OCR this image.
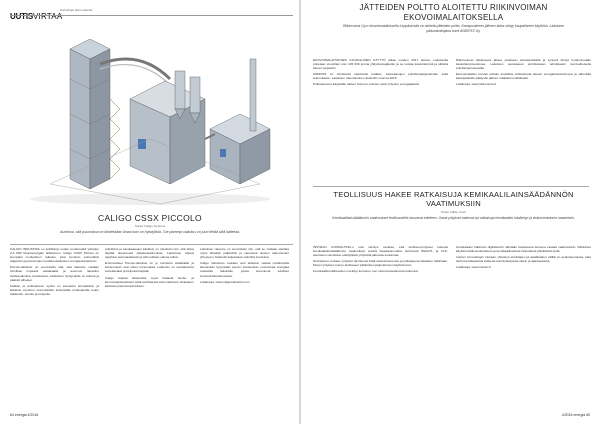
UUTISVIRTAA
Poimintoja alan uutisista
CALIGO CSSX PICCOLO
Teksti: Caligo Systems
Aurinkoa, sitä puumokoa on lahdeksitan ilmaa kuin on hyödyllisiä. Tue parempi vaikutus on juuri tietää siitä laitteista.

CALIGO INDUSTRIA on kehittänyt uuden puuttomaliti ylimpien 2-6 MW lämpöenergian laitteistoon. Caligo CSSX Piccolo on kompakti moduulinen ratkaisu, joka soveltuu esimerkiksi taajamien ja pienempien teollisuuslaitosten energiantuotantoon.

Piccolo-laitteisto on suunniteltu sitä, että laitteisto voidaan toimittaa nopeasti asiakkaalle ja asennus tapahtuu tehdasvalmiina moduuleina. Laitteiston hyötysuhde on korkea ja päästöt alhaiset.

Kattilan ja polttoaineen syöttö on toteutettu kompaktisti, ja laitteisto soveltuu monenlaisille kotimaisille polttoaineille kuten hakkeelle, purulle ja turpeelle.

puhdistus ja savukaasujen käsittely on mitoitettu niin, että laitos täyttää tiukentuvat päästövaatimukset. Laitteiston ohjaus tapahtuu automaattisesti ja sitä voidaan valvoa etänä.

Ensimmäiset Piccolo-laitokset on jo toimitettu asiakkaille ja kokemukset ovat olleet erinomaisia. Laitteisto on osoittautunut luotettavaksi ja helpoksi käyttää.

Caligo tarjoaa laitteistolle myös kattavat huolto- ja kunnossapitopalvelut sekä tarvittaessa koko laitoksen elinkaaren kattavan palvelusopimuksen.

Laitoksen rakenne on suunniteltu niin, että se voidaan sijoittaa myös ahtaisiin paikkoihin ja olemassa olevien rakennusten yhteyteen. Moduulit kuljetetaan valmiiksi koottuina.

Caligo Industrian mukaan uusi laitteisto vastaa markkinoilla kasvavaan kysyntään pienen kokoluokan uusiutuvaa energiaa tuottaville laitoksille, joissa korostuvat edulliset investointikustannukset.

Lisätietoja: www.caligoindustria.com

64 energia 4/2016
JÄTTEIDEN POLTTO ALOITETTU RIIKINVOIMAN EKOVOIMALAITOKSELLA
Riikinvoima Oy:n ekovoimalaitoksella Leppävirralla on aloitettu jätteiden poltto. Koeajovaiheen jälkeen laitos siirtyy kaupalliseen käyttöön. Laitoksen pääurakoitsijana toimi ANDRITZ Oy.

EKOVOIMALAITOKSEN KAUPALLINEN KÄYTTÖ alkaa vuoden 2017 alussa. Laitoksella poltetaan vuosittain noin 145 000 tonnia yhdyskuntajätettä, ja se tuottaa kaukolämpöä ja sähköä alueen tarpeisiin.

ANDRITZ on toimittanut laitokselle kattilan, savukaasujen puhdistusjärjestelmän sekä automaation. Laitoksen rakentaminen aloitettiin vuonna 2015.

Polttoaineena käytetään itäisen Suomen kuntien sekä yritysten energiajätettä.

Riikinvoiman laitoksessa jätteet poltetaan arinatekniikalla ja syntyvä lämpö hyödynnetään kaukolämpöverkossa. Laitoksen savukaasut puhdistetaan tehokkaasti monivaiheisella puhdistusprosessilla.

Ekovoimalaitos korvaa osittain fossiilisia polttoaineita alueen energiantuotannossa ja vähentää kaatopaikoille päätyvän jätteen määrää merkittävästi.

Lisätietoja: www.riikinvoima.fi

TEOLLISUUS HAKEE RATKAISUJA KEMIKAALILAINSÄÄDÄNNÖN VAATIMUKSIIN
Teksti: Mikko Vuori
Kemikaalilainsäädännön vaatimukset teollisuudelle kasvavat edelleen. Useat yritykset hakevat nyt ratkaisuja kemikaalien käsittelyn ja dokumentoinnin haasteisiin.

INSTRAN CONSULTING:n uusi selvitys osoittaa, että teollisuusyritykset kokevat kemikaalilainsäädännön vaatimukset entistä haastavammiksi. Erityisesti REACH- ja CLP-asetusten velvoitteet edellyttävät yrityksiltä jatkuvaa seurantaa.

Selvityksen mukaan yritykset tarvitsevat lisää asiantuntemusta ja työkaluja kemikaalien hallintaan. Monet yritykset ovat jo aloittaneet sähköisten järjestelmien käyttöönoton.

Kemikaaliturvallisuuden merkitys korostuu, kun viranomaisvalvonta tiukentuu.

Kemikaalien hallinnan digitalisointi nähdään keskeisenä keinona vastata vaatimuksiin. Sähköiset käyttöturvallisuustiedotteet ja kemikaaliluettelot helpottavat päivittäistä työtä.

Instran Consultingin mukaan yhteistyö toimittajien ja asiakkaiden välillä on avainasemassa, jotta tiedot kemikaaleista kulkevat toimitusketjussa oikein ja ajantasaisina.

Lisätietoja: www.instran.fi

4/2016 energia 65
